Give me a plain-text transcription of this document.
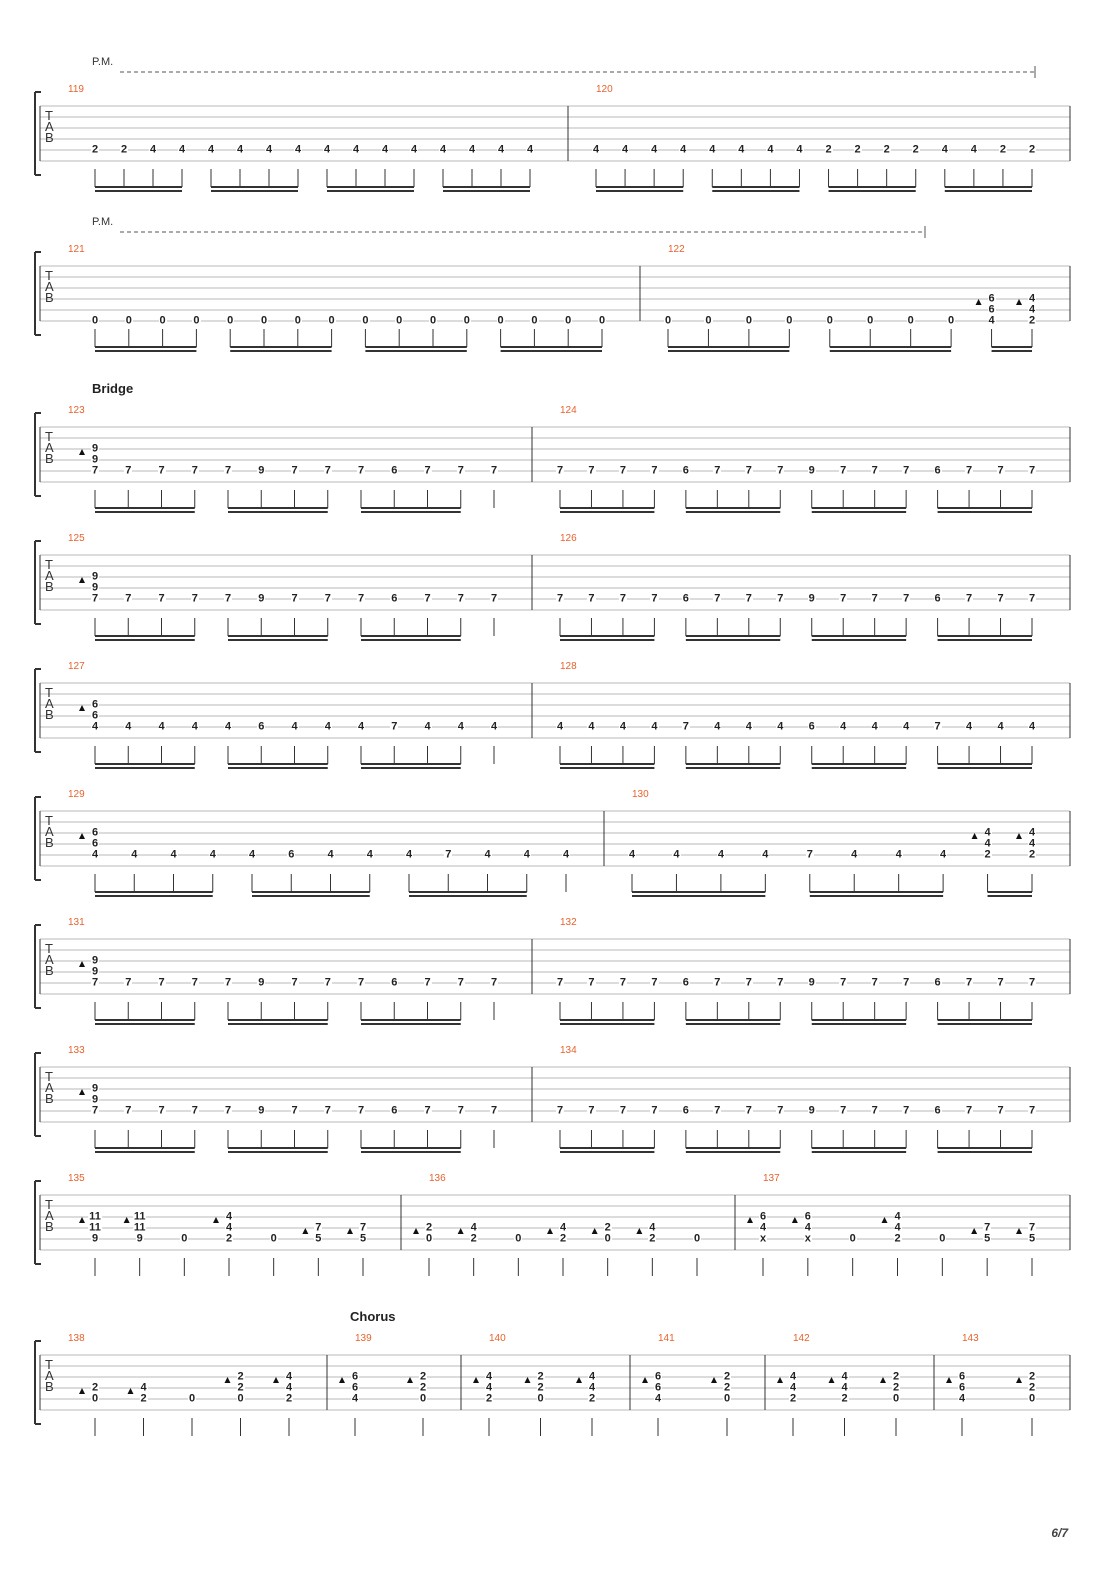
T
A
B
P.M.
119
2 2 4 4 4 4 4 4 4 4 4 4 4 4 4 4
120
4 4 4 4 4 4 4 4 2 2 2 2 4 4 2 2
T
A
B
P.M.
121
0	0	0	0	0	0	0	0	0	0	0	0	0	0	0	0
122
0	0	0	0	0	0	0	0
6
6
4
4
4
2
T
A
B
Bridge
123
9
9
7 7 7 7 7 9 7 7 7 6 7 7 7
124
7 7 7 7 6 7 7 7 9 7 7 7 6 7 7 7
T
A
B
125
9
9
7 7 7 7 7 9 7 7 7 6 7 7 7
126
7 7 7 7 6 7 7 7 9 7 7 7 6 7 7 7
T
A
B
127
6
6
4 4 4 4 4 6 4 4 4 7 4 4 4
128
4 4 4 4 7 4 4 4 6 4 4 4 7 4 4 4
T
A
B
129
6
6
4	4	4	4	4	6	4	4	4	7	4	4	4
130
4	4	4	4	7	4	4	4
4
4
2
4
4
2
T
A
B
131
9
9
7 7 7 7 7 9 7 7 7 6 7 7 7
132
7 7 7 7 6 7 7 7 9 7 7 7 6 7 7 7
T
A
B
133
9
9
7 7 7 7 7 9 7 7 7 6 7 7 7
134
7 7 7 7 6 7 7 7 9 7 7 7 6 7 7 7
T
A
B
135
11
11
9
11
11
9	0
4
4
2	0
7
5
7
5
136
2
0
4
2	0
4
2
2
0
4
2	0
137
6
4
x
6
4
x	0
4
4
2	0
7
5
7
5
T
A
B
Chorus
138
2
0
4
2	0
2
2
0
4
4
2
139
6
6
4
2
2
0
140
4
4
2
2
2
0
4
4
2
141
6
6
4
2
2
0
142
4
4
2
4
4
2
2
2
0
143
6
6
4
2
2
0
6/7
